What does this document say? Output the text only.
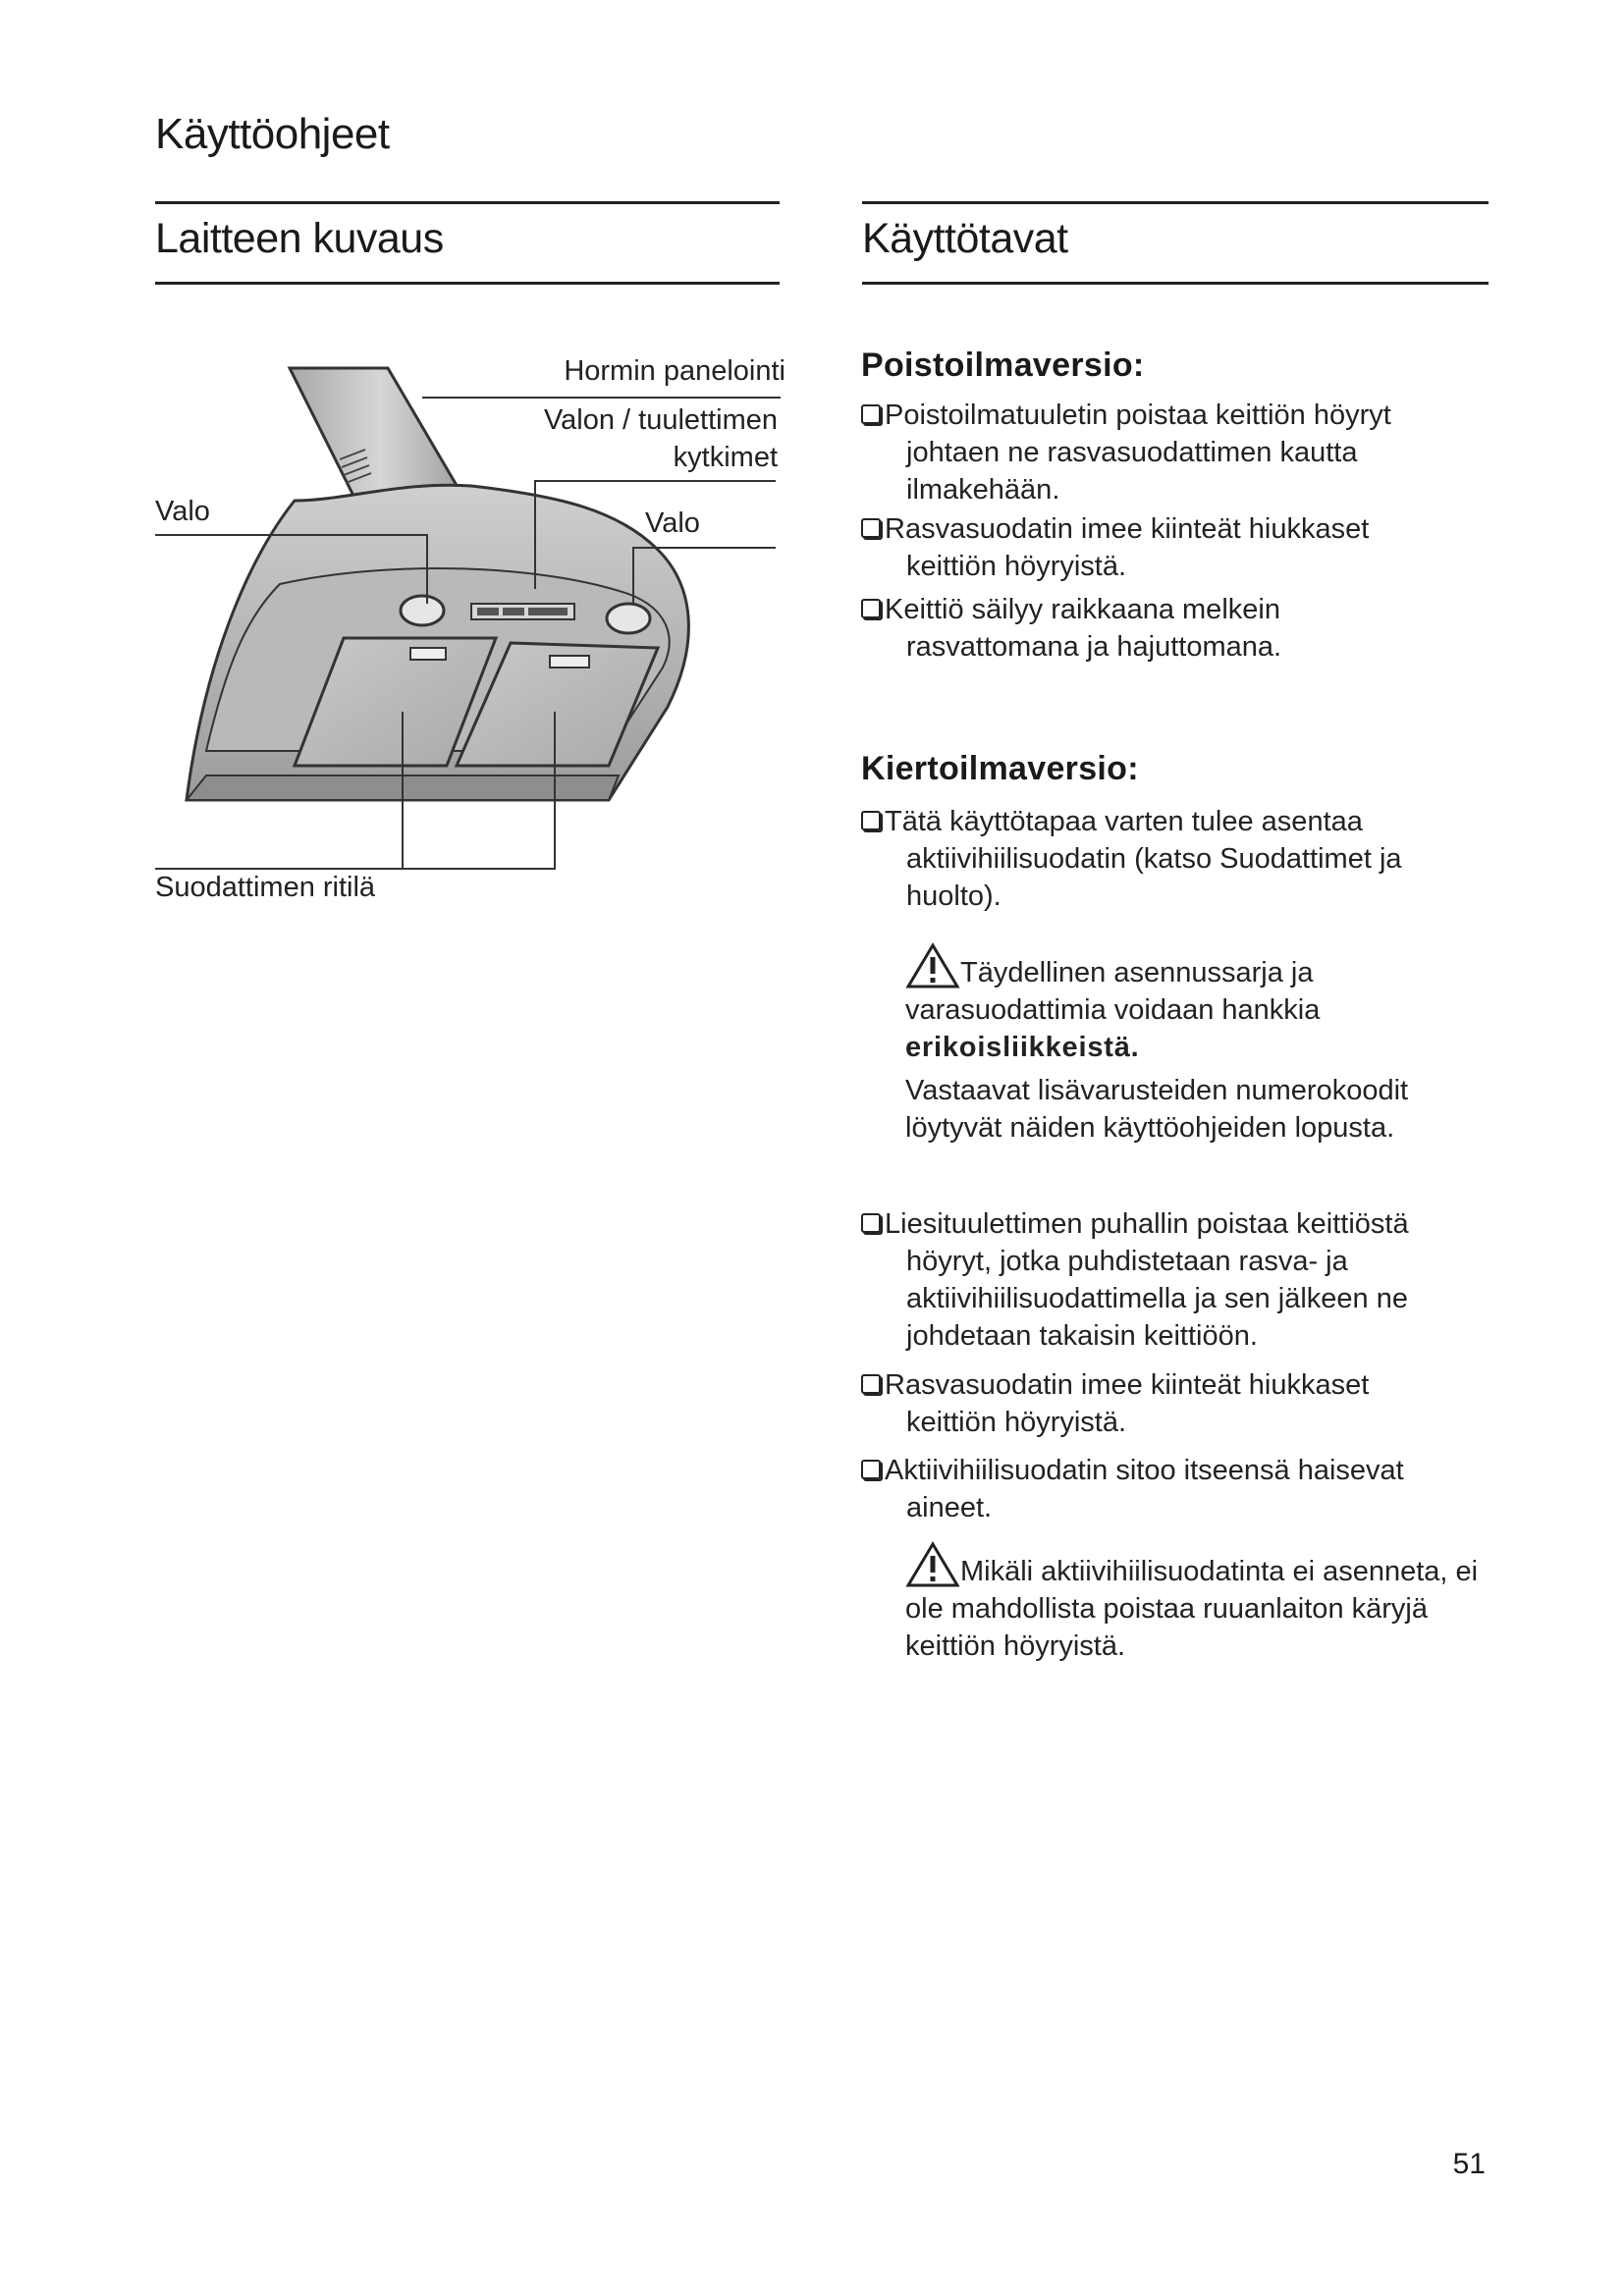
Käyttöohjeet
Laitteen kuvaus	Käyttötavat
Hormin panelointi
Valon / tuulettimen
kytkimet
Valo	Valo
Suodattimen ritilä
Poistoilmaversio:
Poistoilmatuuletin poistaa keittiön höyryt
johtaen ne rasvasuodattimen kautta ilmakehään.
Rasvasuodatin imee kiinteät hiukkaset
keittiön höyryistä.
Keittiö säilyy raikkaana melkein
rasvattomana ja hajuttomana.
Kiertoilmaversio:
Tätä käyttötapaa varten tulee asentaa
aktiivihiilisuodatin (katso Suodattimet ja huolto).
Täydellinen asennussarja ja varasuodattimia voidaan hankkia
erikoisliikkeistä.
Vastaavat lisävarusteiden numerokoodit löytyvät näiden käyttöohjeiden lopusta.
Liesituulettimen puhallin poistaa keittiöstä
höyryt, jotka puhdistetaan rasva- ja aktiivihiilisuodattimella ja sen jälkeen ne johdetaan takaisin keittiöön.
Rasvasuodatin imee kiinteät hiukkaset
keittiön höyryistä.
Aktiivihiilisuodatin sitoo itseensä haisevat
aineet.
Mikäli aktiivihiilisuodatinta ei asenneta, ei ole mahdollista poistaa ruuanlaiton käryjä keittiön höyryistä.
51
